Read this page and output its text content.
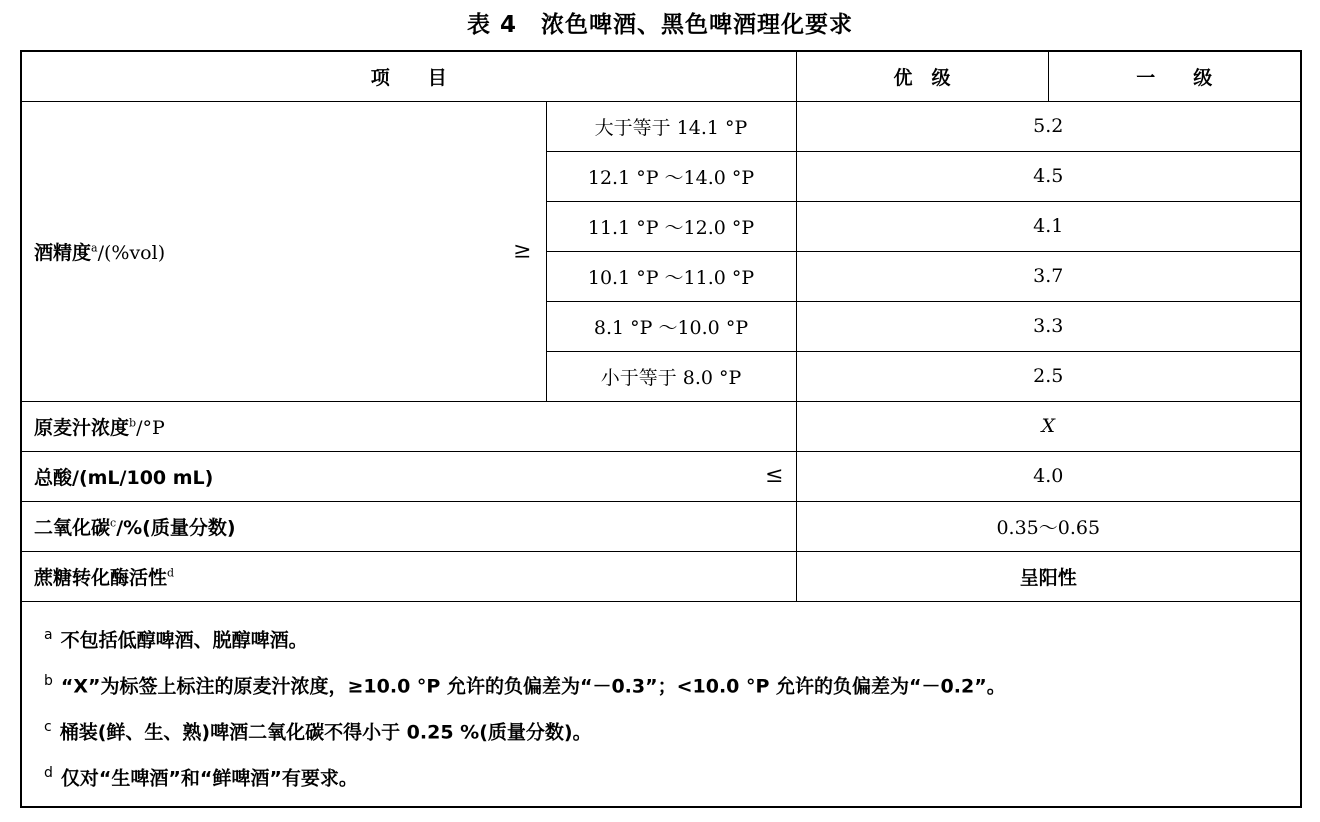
表 4　浓色啤酒、黑色啤酒理化要求
项　　目		优　级	一　　级
酒精度$^a$/(%vol) ≥	大于等于 14.1 °P	5.2	
	12.1 °P ～14.0 °P	4.5	
	11.1 °P ～12.0 °P	4.1	
	10.1 °P ～11.0 °P	3.7	
	8.1 °P ～10.0 °P	3.3	
	小于等于 8.0 °P	2.5	
原麦汁浓度$^b$/°P		X	
总酸/(mL/100 mL) ≤		4.0	
二氧化碳$^c$/%(质量分数)		0.35～0.65	
蔗糖转化酶活性$^d$		呈阳性	

$^a$ 不包括低醇啤酒、脱醇啤酒。
$^b$ “X”为标签上标注的原麦汁浓度，≥10.0 °P 允许的负偏差为“－0.3”；<10.0 °P 允许的负偏差为“－0.2”。
$^c$ 桶装(鲜、生、熟)啤酒二氧化碳不得小于 0.25 %(质量分数)。
$^d$ 仅对“生啤酒”和“鲜啤酒”有要求。			
